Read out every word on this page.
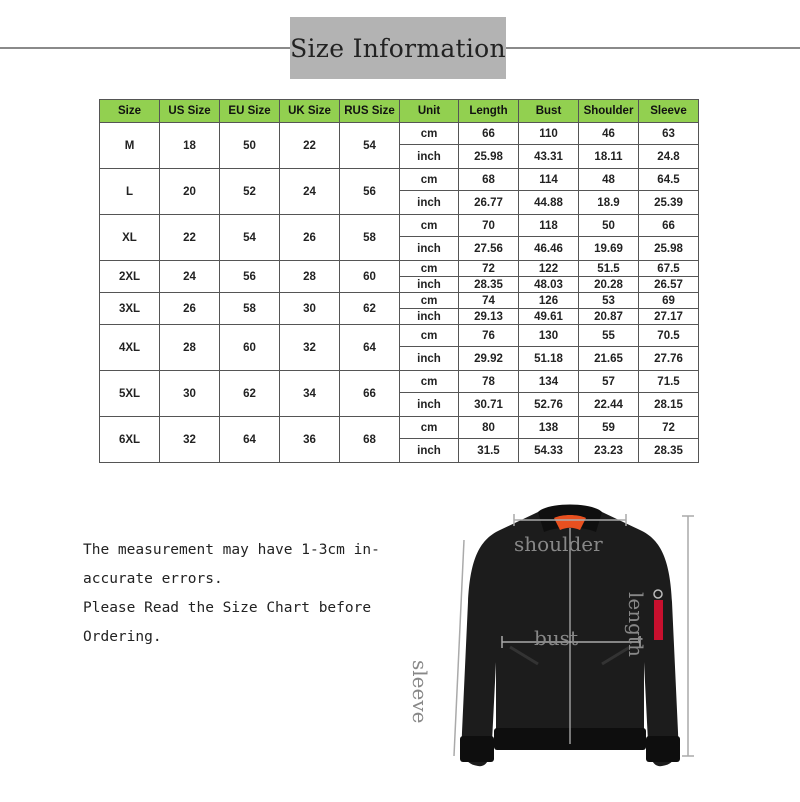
Size Information
Size	US Size	EU Size	UK Size	RUS Size	Unit	Length	Bust	Shoulder	Sleeve
M	18	50	22	54	cm	66	110	46	63
					inch	25.98	43.31	18.11	24.8
L	20	52	24	56	cm	68	114	48	64.5
					inch	26.77	44.88	18.9	25.39
XL	22	54	26	58	cm	70	118	50	66
					inch	27.56	46.46	19.69	25.98
2XL	24	56	28	60	cm	72	122	51.5	67.5
					inch	28.35	48.03	20.28	26.57
3XL	26	58	30	62	cm	74	126	53	69
					inch	29.13	49.61	20.87	27.17
4XL	28	60	32	64	cm	76	130	55	70.5
					inch	29.92	51.18	21.65	27.76
5XL	30	62	34	66	cm	78	134	57	71.5
					inch	30.71	52.76	22.44	28.15
6XL	32	64	36	68	cm	80	138	59	72
					inch	31.5	54.33	23.23	28.35

The measurement may have 1-3cm in-

accurate errors.

Please Read the Size Chart before

Ordering.

shoulder
bust length
sleeve
